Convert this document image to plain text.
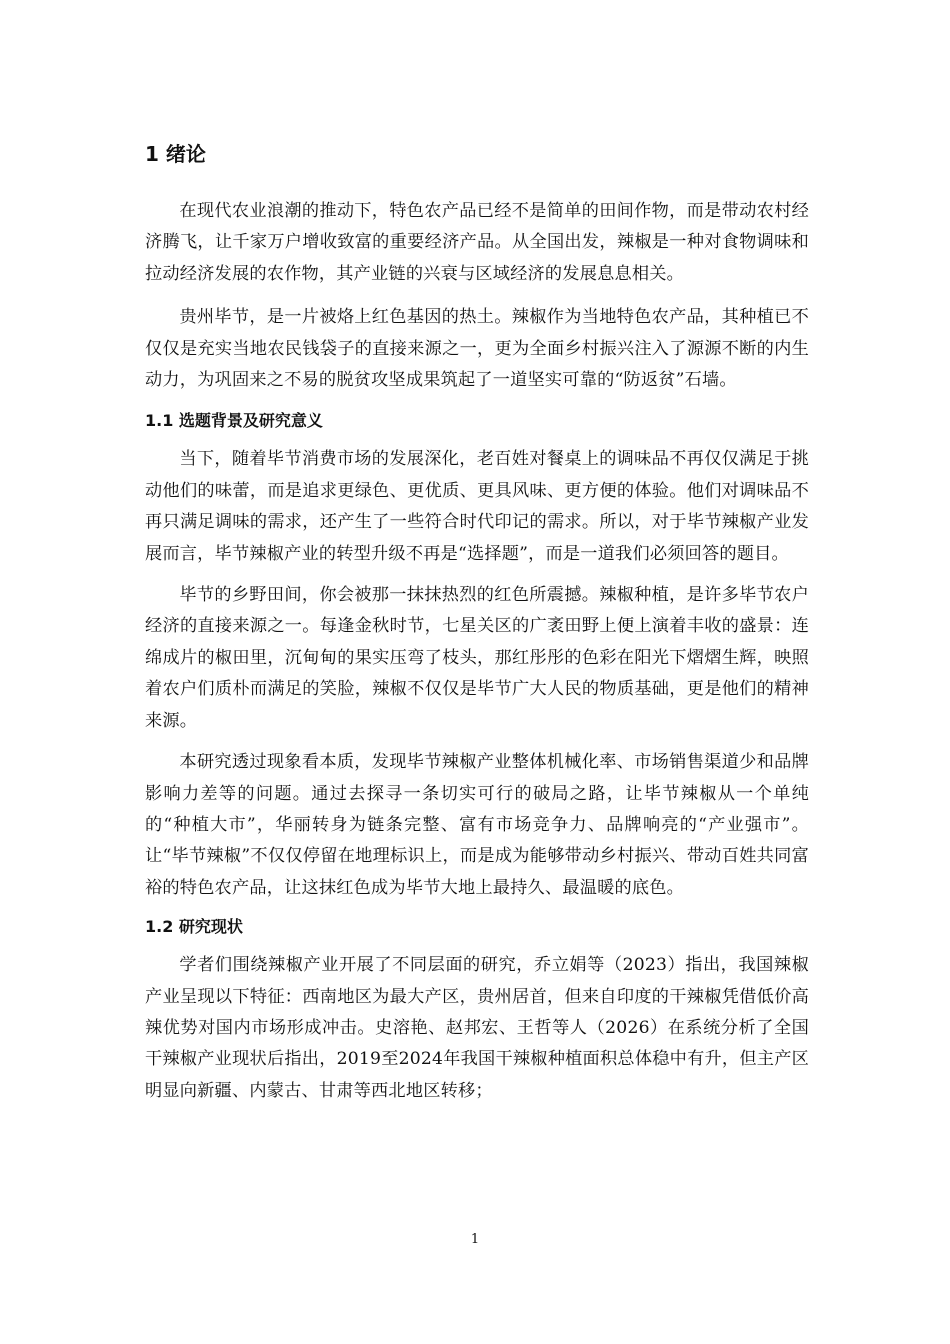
1 绪论

在现代农业浪潮的推动下，特色农产品已经不是简单的田间作物，而是带动农村经济腾飞，让千家万户增收致富的重要经济产品。从全国出发，辣椒是一种对食物调味和拉动经济发展的农作物，其产业链的兴衰与区域经济的发展息息相关。

贵州毕节，是一片被烙上红色基因的热土。辣椒作为当地特色农产品，其种植已不仅仅是充实当地农民钱袋子的直接来源之一，更为全面乡村振兴注入了源源不断的内生动力，为巩固来之不易的脱贫攻坚成果筑起了一道坚实可靠的“防返贫”石墙。

1.1 选题背景及研究意义

当下，随着毕节消费市场的发展深化，老百姓对餐桌上的调味品不再仅仅满足于挑动他们的味蕾，而是追求更绿色、更优质、更具风味、更方便的体验。他们对调味品不再只满足调味的需求，还产生了一些符合时代印记的需求。所以，对于毕节辣椒产业发展而言，毕节辣椒产业的转型升级不再是“选择题”，而是一道我们必须回答的题目。

毕节的乡野田间，你会被那一抹抹热烈的红色所震撼。辣椒种植，是许多毕节农户经济的直接来源之一。每逢金秋时节，七星关区的广袤田野上便上演着丰收的盛景：连绵成片的椒田里，沉甸甸的果实压弯了枝头，那红彤彤的色彩在阳光下熠熠生辉，映照着农户们质朴而满足的笑脸，辣椒不仅仅是毕节广大人民的物质基础，更是他们的精神来源。

本研究透过现象看本质，发现毕节辣椒产业整体机械化率、市场销售渠道少和品牌影响力差等的问题。通过去探寻一条切实可行的破局之路，让毕节辣椒从一个单纯的“种植大市”，华丽转身为链条完整、富有市场竞争力、品牌响亮的“产业强市”。让“毕节辣椒”不仅仅停留在地理标识上，而是成为能够带动乡村振兴、带动百姓共同富裕的特色农产品，让这抹红色成为毕节大地上最持久、最温暖的底色。

1.2 研究现状

学者们围绕辣椒产业开展了不同层面的研究，乔立娟等（2023）指出，我国辣椒产业呈现以下特征：西南地区为最大产区，贵州居首，但来自印度的干辣椒凭借低价高辣优势对国内市场形成冲击。史溶艳、赵邦宏、王哲等人（2026）在系统分析了全国干辣椒产业现状后指出，2019至2024年我国干辣椒种植面积总体稳中有升，但主产区明显向新疆、内蒙古、甘肃等西北地区转移；

1
